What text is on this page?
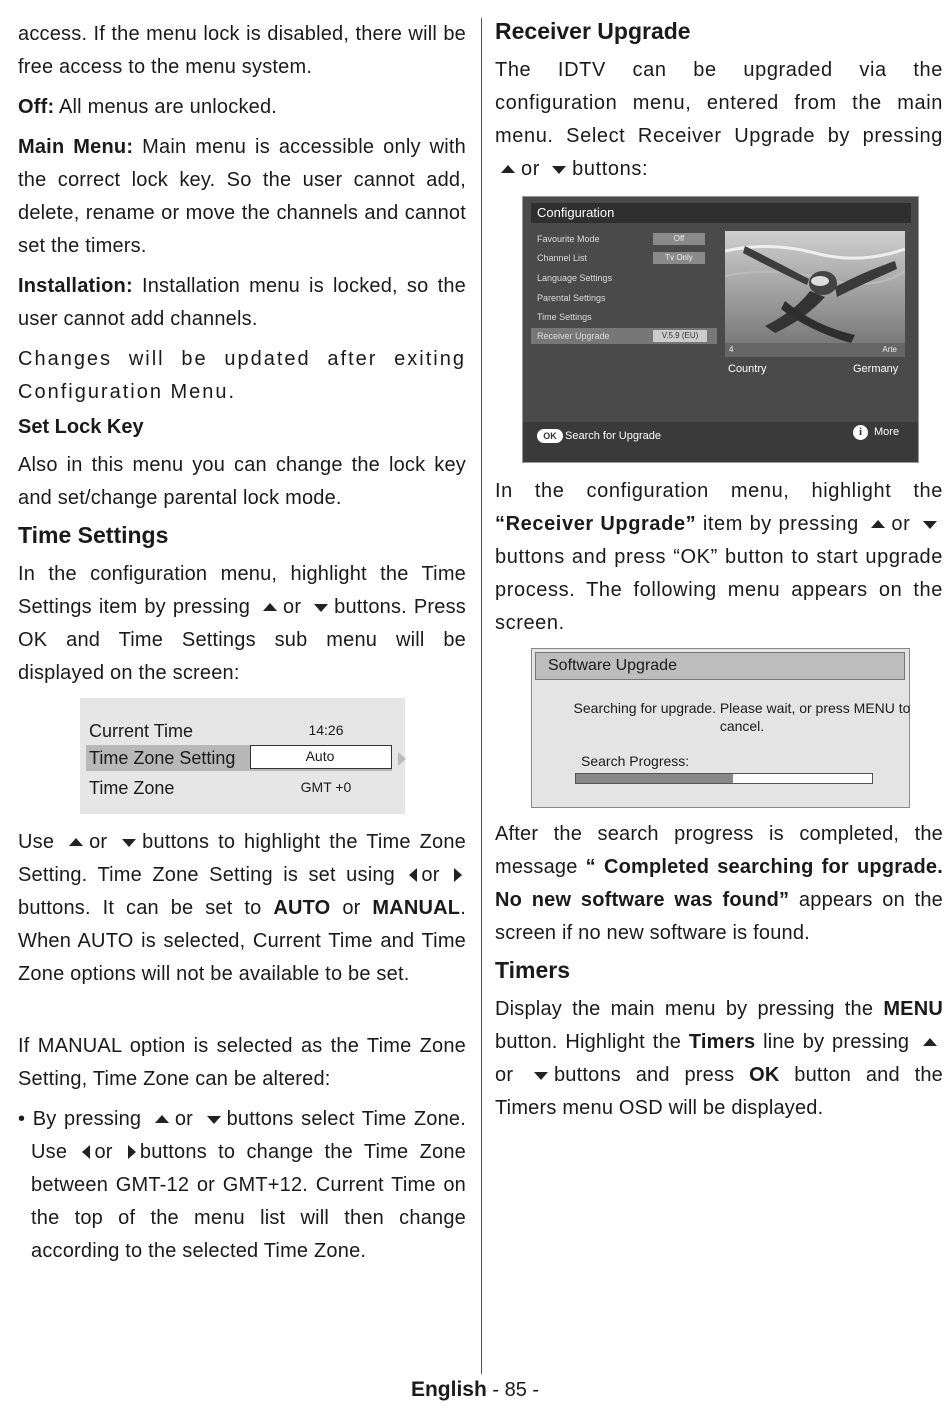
access. If the menu lock is disabled, there will be free access to the menu system.

Off: All menus are unlocked.

Main Menu: Main menu is accessible only with the correct lock key. So the user cannot add, delete, rename or move the channels and cannot set the timers.

Installation: Installation menu is locked, so the user cannot add channels.

Changes will be updated after exiting Configuration Menu.

Set Lock Key

Also in this menu you can change the lock key and set/change parental lock mode.

Time Settings

In the configuration menu, highlight the Time Settings item by pressing or buttons. Press OK and Time Settings sub menu will be displayed on the screen:

Use or buttons to highlight the Time Zone Setting. Time Zone Setting is set using or buttons. It can be set to AUTO or MANUAL. When AUTO is selected, Current Time and Time Zone options will not be available to be set.

If MANUAL option is selected as the Time Zone Setting, Time Zone can be altered:

• By pressing or buttons select Time Zone. Use or buttons to change the Time Zone between GMT-12 or GMT+12. Current Time on the top of the menu list will then change according to the selected Time Zone.

Current Time	14:26
Time Zone Setting	Auto
Time Zone	GMT +0
Receiver Upgrade

The IDTV can be upgraded via the configuration menu, entered from the main menu. Select Receiver Upgrade by pressing or buttons:

Configuration
Favourite Mode	Off
Channel List	Tv Only
Language Settings
Parental Settings
Time Settings
Receiver Upgrade	V.5.9 (EU)
4	Arte
Country	Germany
OK Search for Upgrade	i	More

In the configuration menu, highlight the “Receiver Upgrade” item by pressing or buttons and press “OK” button to start upgrade process. The following menu appears on the screen.

Software Upgrade
Searching for upgrade. Please wait, or press MENU to cancel.
Search Progress:

After the search progress is completed, the message “ Completed searching for upgrade. No new software was found” appears on the screen if no new software is found.

Timers

Display the main menu by pressing the MENU button. Highlight the Timers line by pressing or buttons and press OK button and the Timers menu OSD will be displayed.

English - 85 -
